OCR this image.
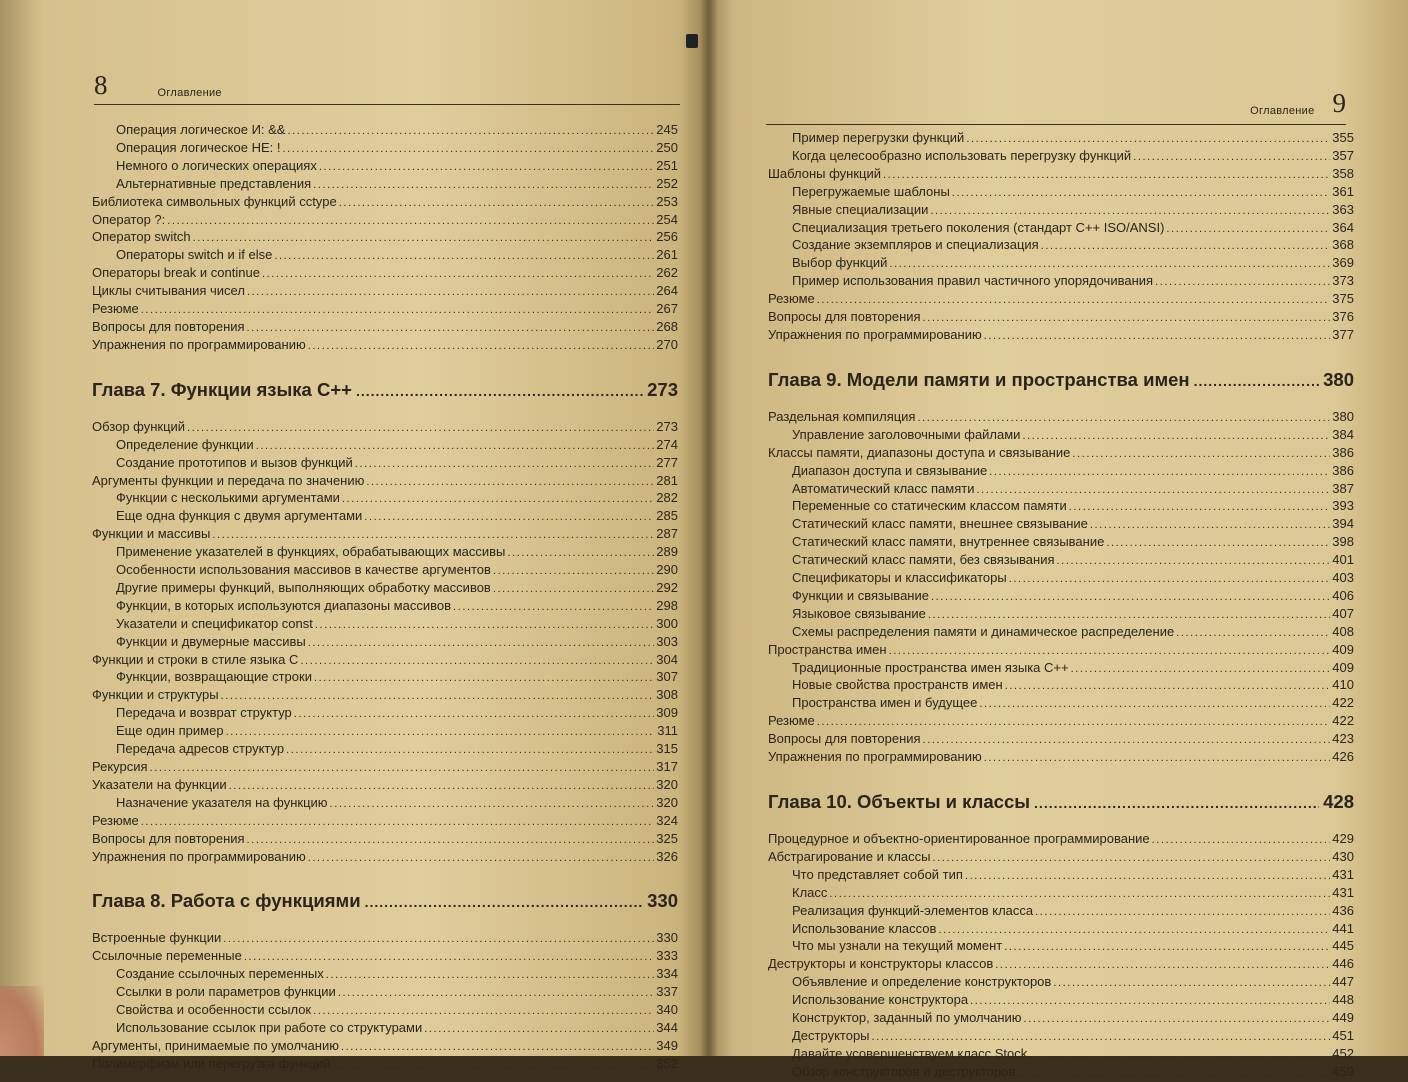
8	Оглавление
Операция логическое И: && .....	245
Операция логическое НЕ: ! .....	250
Немного о логических операциях .....	251
Альтернативные представления .....	252
Библиотека символьных функций cctype .....	253
Оператор ?: .....	254
Оператор switch .....	256
Операторы switch и if else .....	261
Операторы break и continue .....	262
Циклы считывания чисел .....	264
Резюме .....	267
Вопросы для повторения .....	268
Упражнения по программированию .....	270
Глава 7. Функции языка C++ .....	273
Обзор функций .....	273
Определение функции .....	274
Создание прототипов и вызов функций .....	277
Аргументы функции и передача по значению .....	281
Функции с несколькими аргументами .....	282
Еще одна функция с двумя аргументами .....	285
Функции и массивы .....	287
Применение указателей в функциях, обрабатывающих массивы .....	289
Особенности использования массивов в качестве аргументов .....	290
Другие примеры функций, выполняющих обработку массивов .....	292
Функции, в которых используются диапазоны массивов .....	298
Указатели и спецификатор const .....	300
Функции и двумерные массивы .....	303
Функции и строки в стиле языка С .....	304
Функции, возвращающие строки .....	307
Функции и структуры .....	308
Передача и возврат структур .....	309
Еще один пример .....	311
Передача адресов структур .....	315
Рекурсия .....	317
Указатели на функции .....	320
Назначение указателя на функцию .....	320
Резюме .....	324
Вопросы для повторения .....	325
Упражнения по программированию .....	326
Глава 8. Работа с функциями .....	330
Встроенные функции .....	330
Ссылочные переменные .....	333
Создание ссылочных переменных .....	334
Ссылки в роли параметров функции .....	337
Свойства и особенности ссылок .....	340
Использование ссылок при работе со структурами .....	344
Аргументы, принимаемые по умолчанию .....	349
Полиморфизм или перегрузка функций .....	352
Оглавление 9
Пример перегрузки функций .....	355
Когда целесообразно использовать перегрузку функций .....	357
Шаблоны функций .....	358
Перегружаемые шаблоны .....	361
Явные специализации .....	363
Специализация третьего поколения (стандарт C++ ISO/ANSI) .....	364
Создание экземпляров и специализация .....	368
Выбор функций .....	369
Пример использования правил частичного упорядочивания .....	373
Резюме .....	375
Вопросы для повторения .....	376
Упражнения по программированию .....	377
Глава 9. Модели памяти и пространства имен .....	380
Раздельная компиляция .....	380
Управление заголовочными файлами .....	384
Классы памяти, диапазоны доступа и связывание .....	386
Диапазон доступа и связывание .....	386
Автоматический класс памяти .....	387
Переменные со статическим классом памяти .....	393
Статический класс памяти, внешнее связывание .....	394
Статический класс памяти, внутреннее связывание .....	398
Статический класс памяти, без связывания .....	401
Спецификаторы и классификаторы .....	403
Функции и связывание .....	406
Языковое связывание .....	407
Схемы распределения памяти и динамическое распределение .....	408
Пространства имен .....	409
Традиционные пространства имен языка C++ .....	409
Новые свойства пространств имен .....	410
Пространства имен и будущее .....	422
Резюме .....	422
Вопросы для повторения .....	423
Упражнения по программированию .....	426
Глава 10. Объекты и классы .....	428
Процедурное и объектно-ориентированное программирование .....	429
Абстрагирование и классы .....	430
Что представляет собой тип .....	431
Класс .....	431
Реализация функций-элементов класса .....	436
Использование классов .....	441
Что мы узнали на текущий момент .....	445
Деструкторы и конструкторы классов .....	446
Объявление и определение конструкторов .....	447
Использование конструктора .....	448
Конструктор, заданный по умолчанию .....	449
Деструкторы .....	451
Давайте усовершенствуем класс Stock .....	452
Обзор конструкторов и деструкторов .....	459
